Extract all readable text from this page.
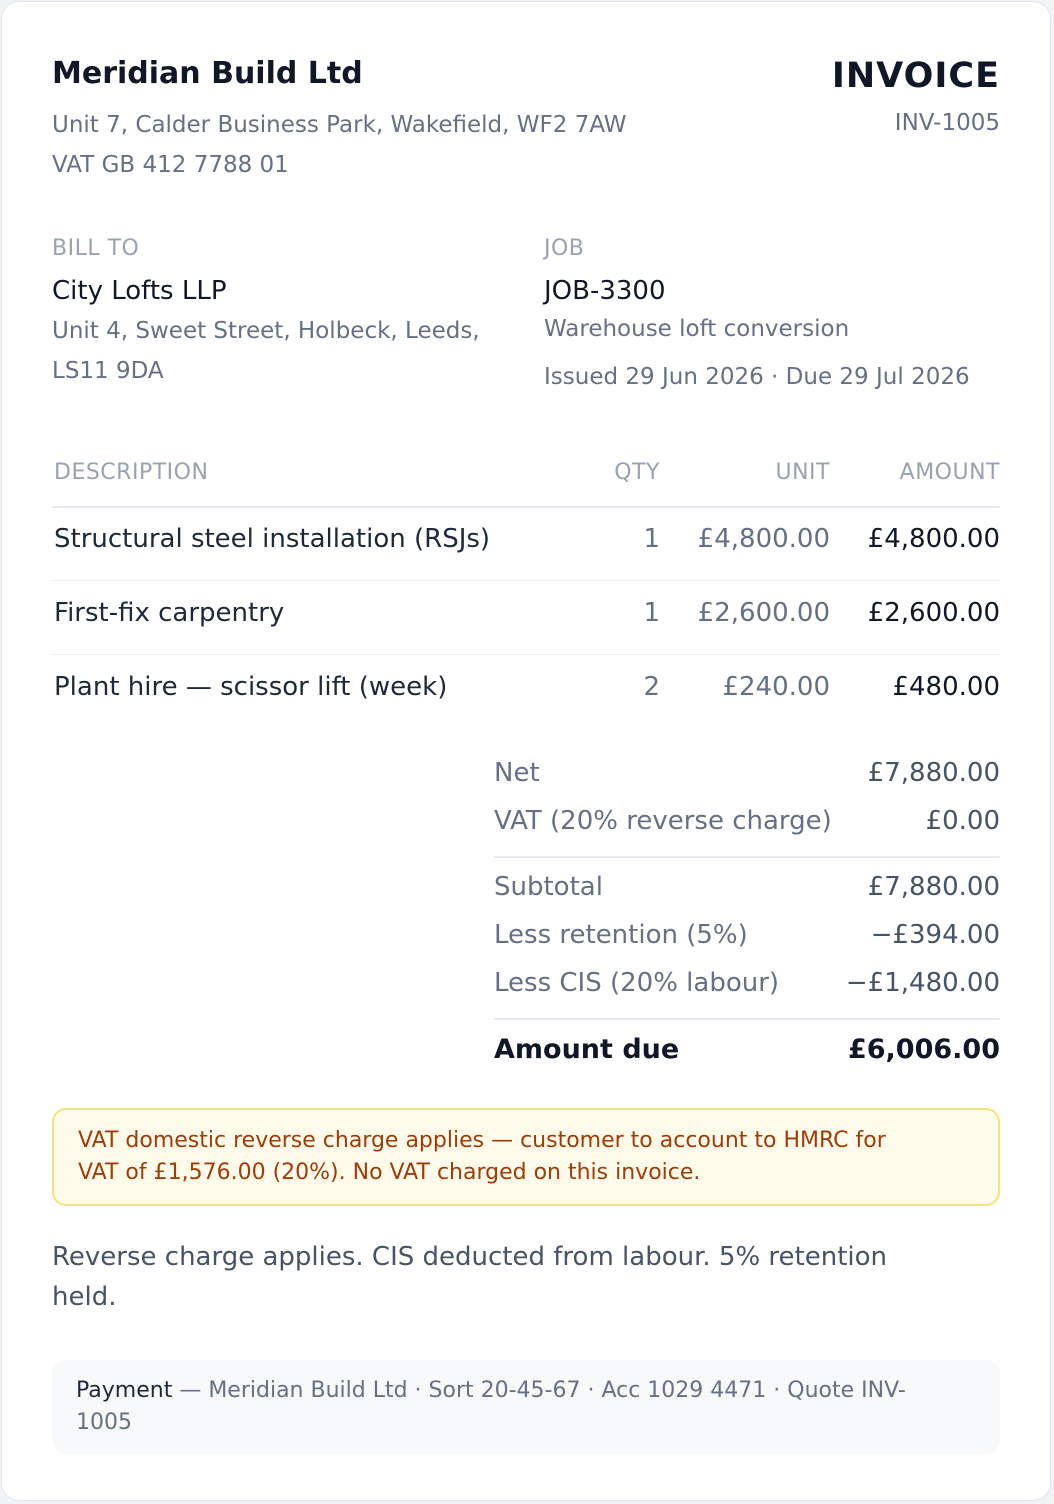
Meridian Build Ltd
Unit 7, Calder Business Park, Wakefield, WF2 7AW
VAT GB 412 7788 01
INVOICE
INV-1005
BILL TO
City Lofts LLP
Unit 4, Sweet Street, Holbeck, Leeds,
LS11 9DA
JOB
JOB-3300
Warehouse loft conversion
Issued 29 Jun 2026 · Due 29 Jul 2026
DESCRIPTION	QTY	UNIT	AMOUNT
Structural steel installation (RSJs)	1 £4,800.00 £4,800.00
First-fix carpentry	1 £2,600.00 £2,600.00
Plant hire — scissor lift (week)	2 £240.00 £480.00
Net	£7,880.00
VAT (20% reverse charge)	£0.00
Subtotal	£7,880.00
Less retention (5%)	−£394.00
Less CIS (20% labour)	−£1,480.00
Amount due	£6,006.00
VAT domestic reverse charge applies — customer to account to HMRC for
VAT of £1,576.00 (20%). No VAT charged on this invoice.
Reverse charge applies. CIS deducted from labour. 5% retention
held.
Payment — Meridian Build Ltd · Sort 20-45-67 · Acc 1029 4471 · Quote INV-
1005
